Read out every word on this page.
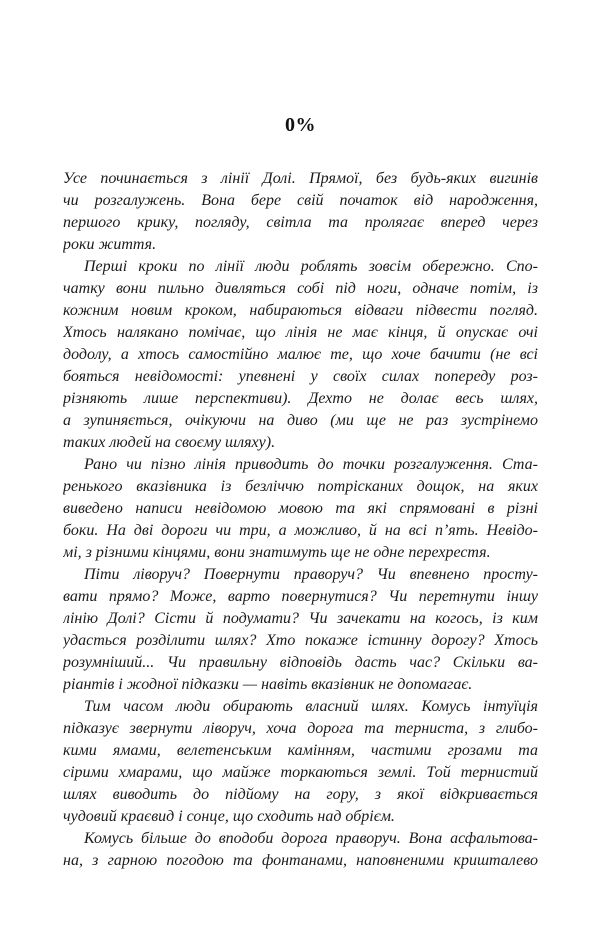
0%
Усе починається з лінії Долі. Прямої, без будь-яких вигинів
чи розгалужень. Вона бере свій початок від народження,
першого крику, погляду, світла та пролягає вперед через
роки життя.
Перші кроки по лінії люди роблять зовсім обережно. Спо-
чатку вони пильно дивляться собі під ноги, одначе потім, із
кожним новим кроком, набираються відваги підвести погляд.
Хтось налякано помічає, що лінія не має кінця, й опускає очі
додолу, а хтось самостійно малює те, що хоче бачити (не всі
бояться невідомості: упевнені у своїх силах попереду роз-
різняють лише перспективи). Дехто не долає весь шлях,
а зупиняється, очікуючи на диво (ми ще не раз зустрінемо
таких людей на своєму шляху).
Рано чи пізно лінія приводить до точки розгалуження. Ста-
ренького вказівника із безліччю потрісканих дощок, на яких
виведено написи невідомою мовою та які спрямовані в різні
боки. На дві дороги чи три, а можливо, й на всі п’ять. Невідо-
мі, з різними кінцями, вони знатимуть ще не одне перехрестя.
Піти ліворуч? Повернути праворуч? Чи впевнено просту-
вати прямо? Може, варто повернутися? Чи перетнути іншу
лінію Долі? Сісти й подумати? Чи зачекати на когось, із ким
удасться розділити шлях? Хто покаже істинну дорогу? Хтось
розумніший... Чи правильну відповідь дасть час? Скільки ва-
ріантів і жодної підказки — навіть вказівник не допомагає.
Тим часом люди обирають власний шлях. Комусь інтуїція
підказує звернути ліворуч, хоча дорога та терниста, з глибо-
кими ямами, велетенським камінням, частими грозами та
сірими хмарами, що майже торкаються землі. Той тернистий
шлях виводить до підйому на гору, з якої відкривається
чудовий краєвид і сонце, що сходить над обрієм.
Комусь більше до вподоби дорога праворуч. Вона асфальтова-
на, з гарною погодою та фонтанами, наповненими кришталево
